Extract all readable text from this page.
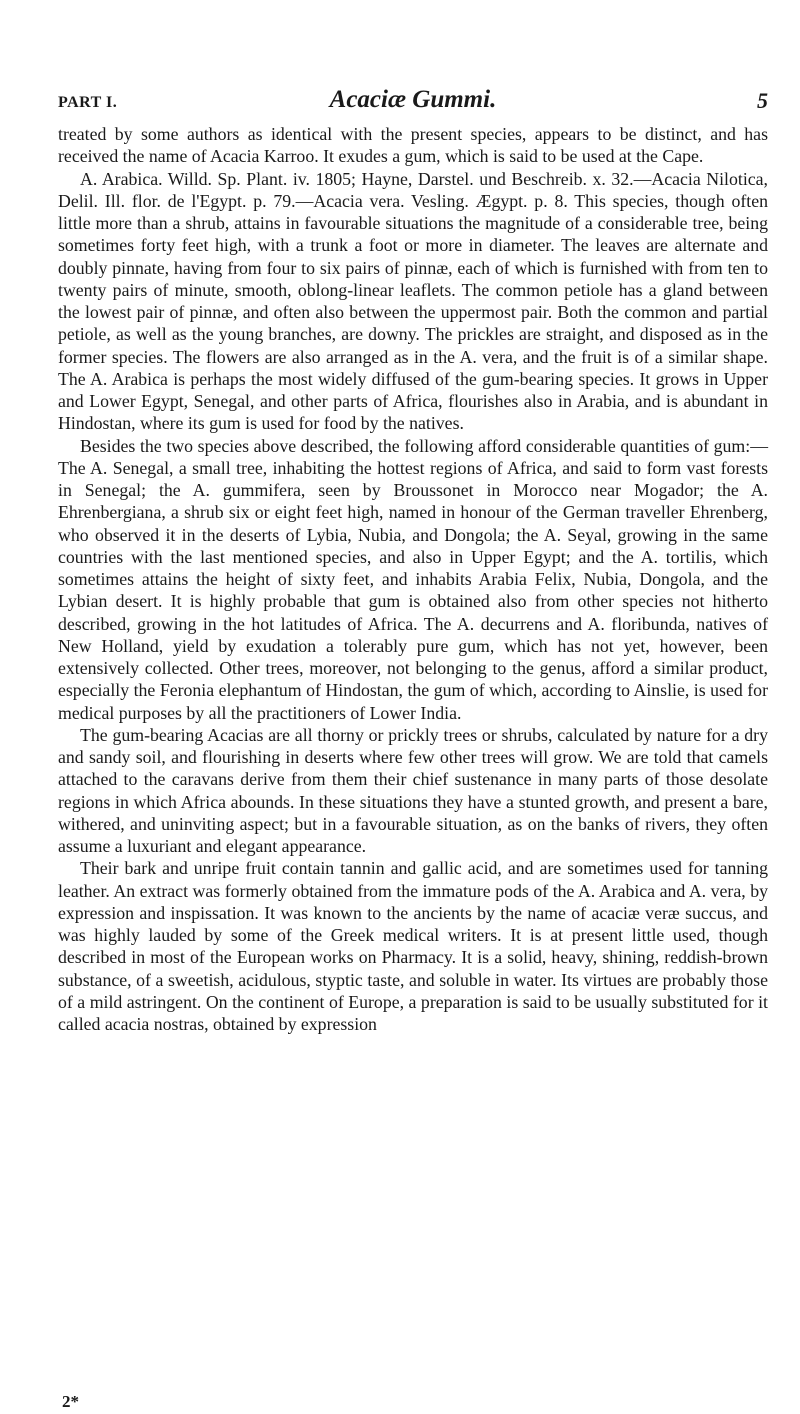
PART I.	Acaciæ Gummi.	5

treated by some authors as identical with the present species, appears to be distinct, and has received the name of Acacia Karroo. It exudes a gum, which is said to be used at the Cape.

A. Arabica. Willd. Sp. Plant. iv. 1805; Hayne, Darstel. und Beschreib. x. 32.—Acacia Nilotica, Delil. Ill. flor. de l'Egypt. p. 79.—Acacia vera. Vesling. Ægypt. p. 8. This species, though often little more than a shrub, attains in favourable situations the magnitude of a considerable tree, being sometimes forty feet high, with a trunk a foot or more in diameter. The leaves are alternate and doubly pinnate, having from four to six pairs of pinnæ, each of which is furnished with from ten to twenty pairs of minute, smooth, oblong-linear leaflets. The common petiole has a gland between the lowest pair of pinnæ, and often also between the uppermost pair. Both the common and partial petiole, as well as the young branches, are downy. The prickles are straight, and disposed as in the former species. The flowers are also arranged as in the A. vera, and the fruit is of a similar shape. The A. Arabica is perhaps the most widely diffused of the gum-bearing species. It grows in Upper and Lower Egypt, Senegal, and other parts of Africa, flourishes also in Arabia, and is abundant in Hindostan, where its gum is used for food by the natives.

Besides the two species above described, the following afford considerable quantities of gum:—The A. Senegal, a small tree, inhabiting the hottest regions of Africa, and said to form vast forests in Senegal; the A. gummifera, seen by Broussonet in Morocco near Mogador; the A. Ehrenbergiana, a shrub six or eight feet high, named in honour of the German traveller Ehrenberg, who observed it in the deserts of Lybia, Nubia, and Dongola; the A. Seyal, growing in the same countries with the last mentioned species, and also in Upper Egypt; and the A. tortilis, which sometimes attains the height of sixty feet, and inhabits Arabia Felix, Nubia, Dongola, and the Lybian desert. It is highly probable that gum is obtained also from other species not hitherto described, growing in the hot latitudes of Africa. The A. decurrens and A. floribunda, natives of New Holland, yield by exudation a tolerably pure gum, which has not yet, however, been extensively collected. Other trees, moreover, not belonging to the genus, afford a similar product, especially the Feronia elephantum of Hindostan, the gum of which, according to Ainslie, is used for medical purposes by all the practitioners of Lower India.

The gum-bearing Acacias are all thorny or prickly trees or shrubs, calculated by nature for a dry and sandy soil, and flourishing in deserts where few other trees will grow. We are told that camels attached to the caravans derive from them their chief sustenance in many parts of those desolate regions in which Africa abounds. In these situations they have a stunted growth, and present a bare, withered, and uninviting aspect; but in a favourable situation, as on the banks of rivers, they often assume a luxuriant and elegant appearance.

Their bark and unripe fruit contain tannin and gallic acid, and are sometimes used for tanning leather. An extract was formerly obtained from the immature pods of the A. Arabica and A. vera, by expression and inspissation. It was known to the ancients by the name of acaciæ veræ succus, and was highly lauded by some of the Greek medical writers. It is at present little used, though described in most of the European works on Pharmacy. It is a solid, heavy, shining, reddish-brown substance, of a sweetish, acidulous, styptic taste, and soluble in water. Its virtues are probably those of a mild astringent. On the continent of Europe, a preparation is said to be usually substituted for it called acacia nostras, obtained by expression

2*
